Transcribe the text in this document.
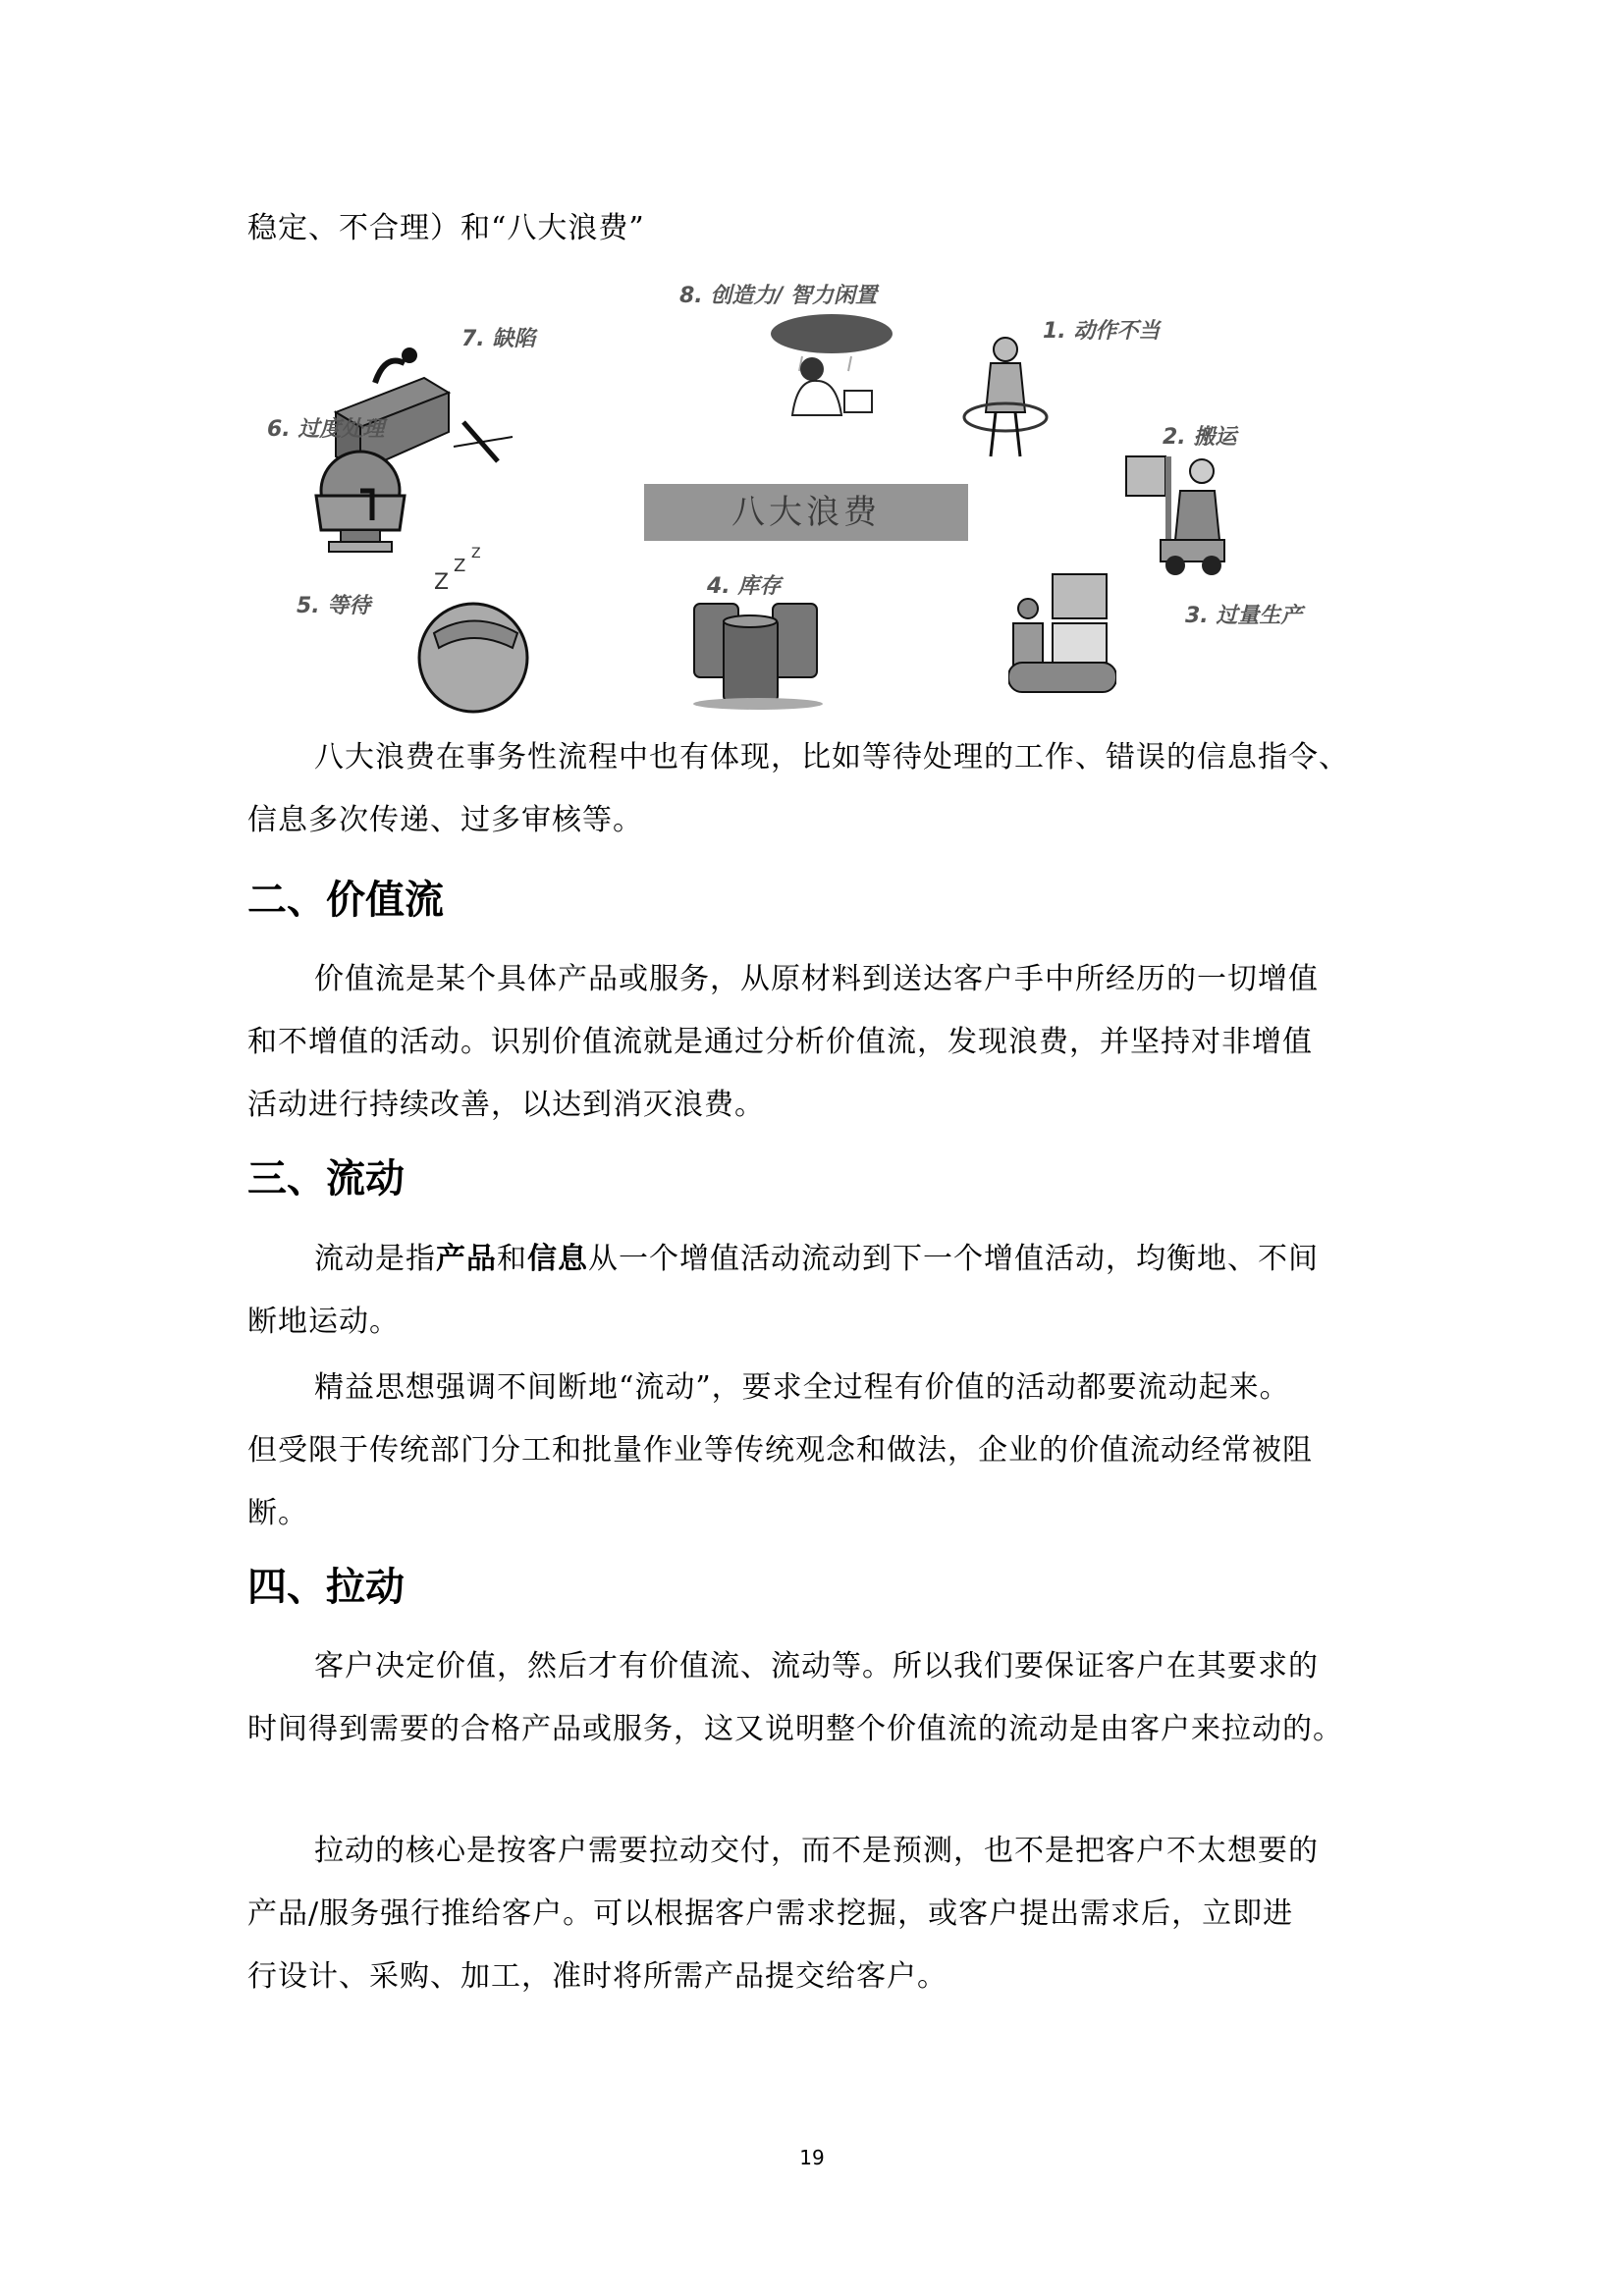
稳定、不合理）和“八大浪费”
8. 创造力/ 智力闲置
7. 缺陷	1. 动作不当
6. 过度处理	2. 搬运
八大浪费
5. 等待
Z
Z
Z
4. 库存
3. 过量生产
八大浪费在事务性流程中也有体现，比如等待处理的工作、错误的信息指令、
信息多次传递、过多审核等。
二、价值流
价值流是某个具体产品或服务，从原材料到送达客户手中所经历的一切增值
和不增值的活动。识别价值流就是通过分析价值流，发现浪费，并坚持对非增值
活动进行持续改善，以达到消灭浪费。
三、流动
流动是指产品和信息从一个增值活动流动到下一个增值活动，均衡地、不间
断地运动。
精益思想强调不间断地“流动”，要求全过程有价值的活动都要流动起来。
但受限于传统部门分工和批量作业等传统观念和做法，企业的价值流动经常被阻
断。
四、拉动
客户决定价值，然后才有价值流、流动等。所以我们要保证客户在其要求的
时间得到需要的合格产品或服务，这又说明整个价值流的流动是由客户来拉动的。
拉动的核心是按客户需要拉动交付，而不是预测，也不是把客户不太想要的
产品/服务强行推给客户。可以根据客户需求挖掘，或客户提出需求后，立即进
行设计、采购、加工，准时将所需产品提交给客户。
19
